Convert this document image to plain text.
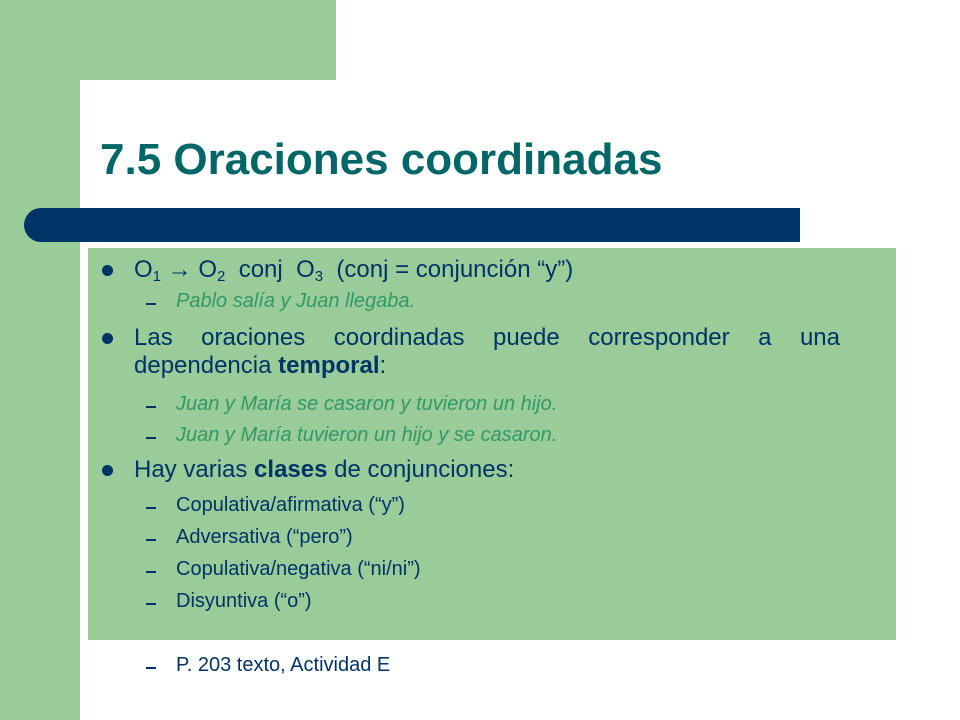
7.5 Oraciones coordinadas
$O_1 \to O_2$  conj  $O_3$  (conj = conjunción “y”)
Pablo salía y Juan llegaba.
Las oraciones coordinadas puede corresponder a una dependencia temporal:
Juan y María se casaron y tuvieron un hijo.
Juan y María tuvieron un hijo y se casaron.
Hay varias clases de conjunciones:
Copulativa/afirmativa (“y”)
Adversativa (“pero”)
Copulativa/negativa (“ni/ni”)
Disyuntiva (“o”)
P. 203 texto, Actividad E
